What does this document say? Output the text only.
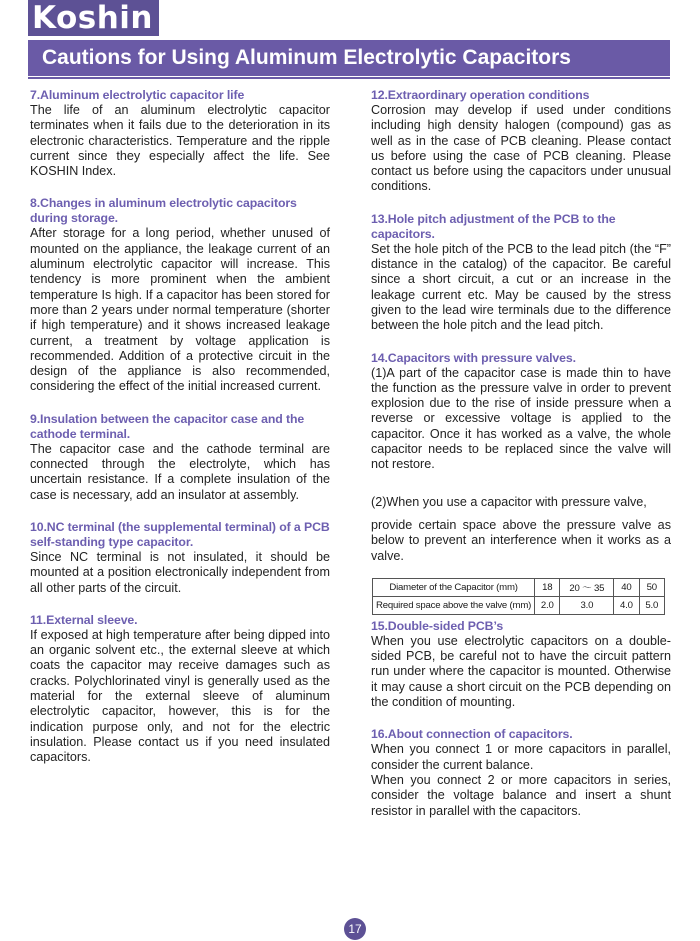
Koshin
Cautions for Using Aluminum Electrolytic Capacitors
7.Aluminum electrolytic capacitor life
The life of an aluminum electrolytic capacitor terminates when it fails due to the deterioration in its electronic characteristics. Temperature and the ripple current since they especially affect the life. See KOSHIN Index.
8.Changes in aluminum electrolytic capacitors during storage.
After storage for a long period, whether unused of mounted on the appliance, the leakage current of an aluminum electrolytic capacitor will increase. This tendency is more prominent when the ambient temperature Is high. If a capacitor has been stored for more than 2 years under normal temperature (shorter if high temperature) and it shows increased leakage current, a treatment by voltage application is recommended. Addition of a protective circuit in the design of the appliance is also recommended, considering the effect of the initial increased current.
9.Insulation between the capacitor case and the cathode terminal.
The capacitor case and the cathode terminal are connected through the electrolyte, which has uncertain resistance. If a complete insulation of the case is necessary, add an insulator at assembly.
10.NC terminal (the supplemental terminal) of a PCB self-standing type capacitor.
Since NC terminal is not insulated, it should be mounted at a position electronically independent from all other parts of the circuit.
11.External sleeve.
If exposed at high temperature after being dipped into an organic solvent etc., the external sleeve at which coats the capacitor may receive damages such as cracks. Polychlorinated vinyl is generally used as the material for the external sleeve of aluminum electrolytic capacitor, however, this is for the indication purpose only, and not for the electric insulation. Please contact us if you need insulated capacitors.
12.Extraordinary operation conditions
Corrosion may develop if used under conditions including high density halogen (compound) gas as well as in the case of PCB cleaning. Please contact us before using the case of PCB cleaning. Please contact us before using the capacitors under unusual conditions.
13.Hole pitch adjustment of the PCB to the capacitors.
Set the hole pitch of the PCB to the lead pitch (the “F” distance in the catalog) of the capacitor. Be careful since a short circuit, a cut or an increase in the leakage current etc. May be caused by the stress given to the lead wire terminals due to the difference between the hole pitch and the lead pitch.
14.Capacitors with pressure valves.
(1)A part of the capacitor case is made thin to have the function as the pressure valve in order to prevent explosion due to the rise of inside pressure when a reverse or excessive voltage is applied to the capacitor. Once it has worked as a valve, the whole capacitor needs to be replaced since the valve will not restore.
(2)When you use a capacitor with pressure valve,
provide certain space above the pressure valve as below to prevent an interference when it works as a valve.
Diameter of the Capacitor (mm)	18	20 ～ 35	40	50
Required space above the valve (mm)	2.0	3.0	4.0	5.0
15.Double-sided PCB’s
When you use electrolytic capacitors on a double-sided PCB, be careful not to have the circuit pattern run under where the capacitor is mounted. Otherwise it may cause a short circuit on the PCB depending on the condition of mounting.
16.About connection of capacitors.
When you connect 1 or more capacitors in parallel, consider the current balance.
When you connect 2 or more capacitors in series, consider the voltage balance and insert a shunt resistor in parallel with the capacitors.
17
